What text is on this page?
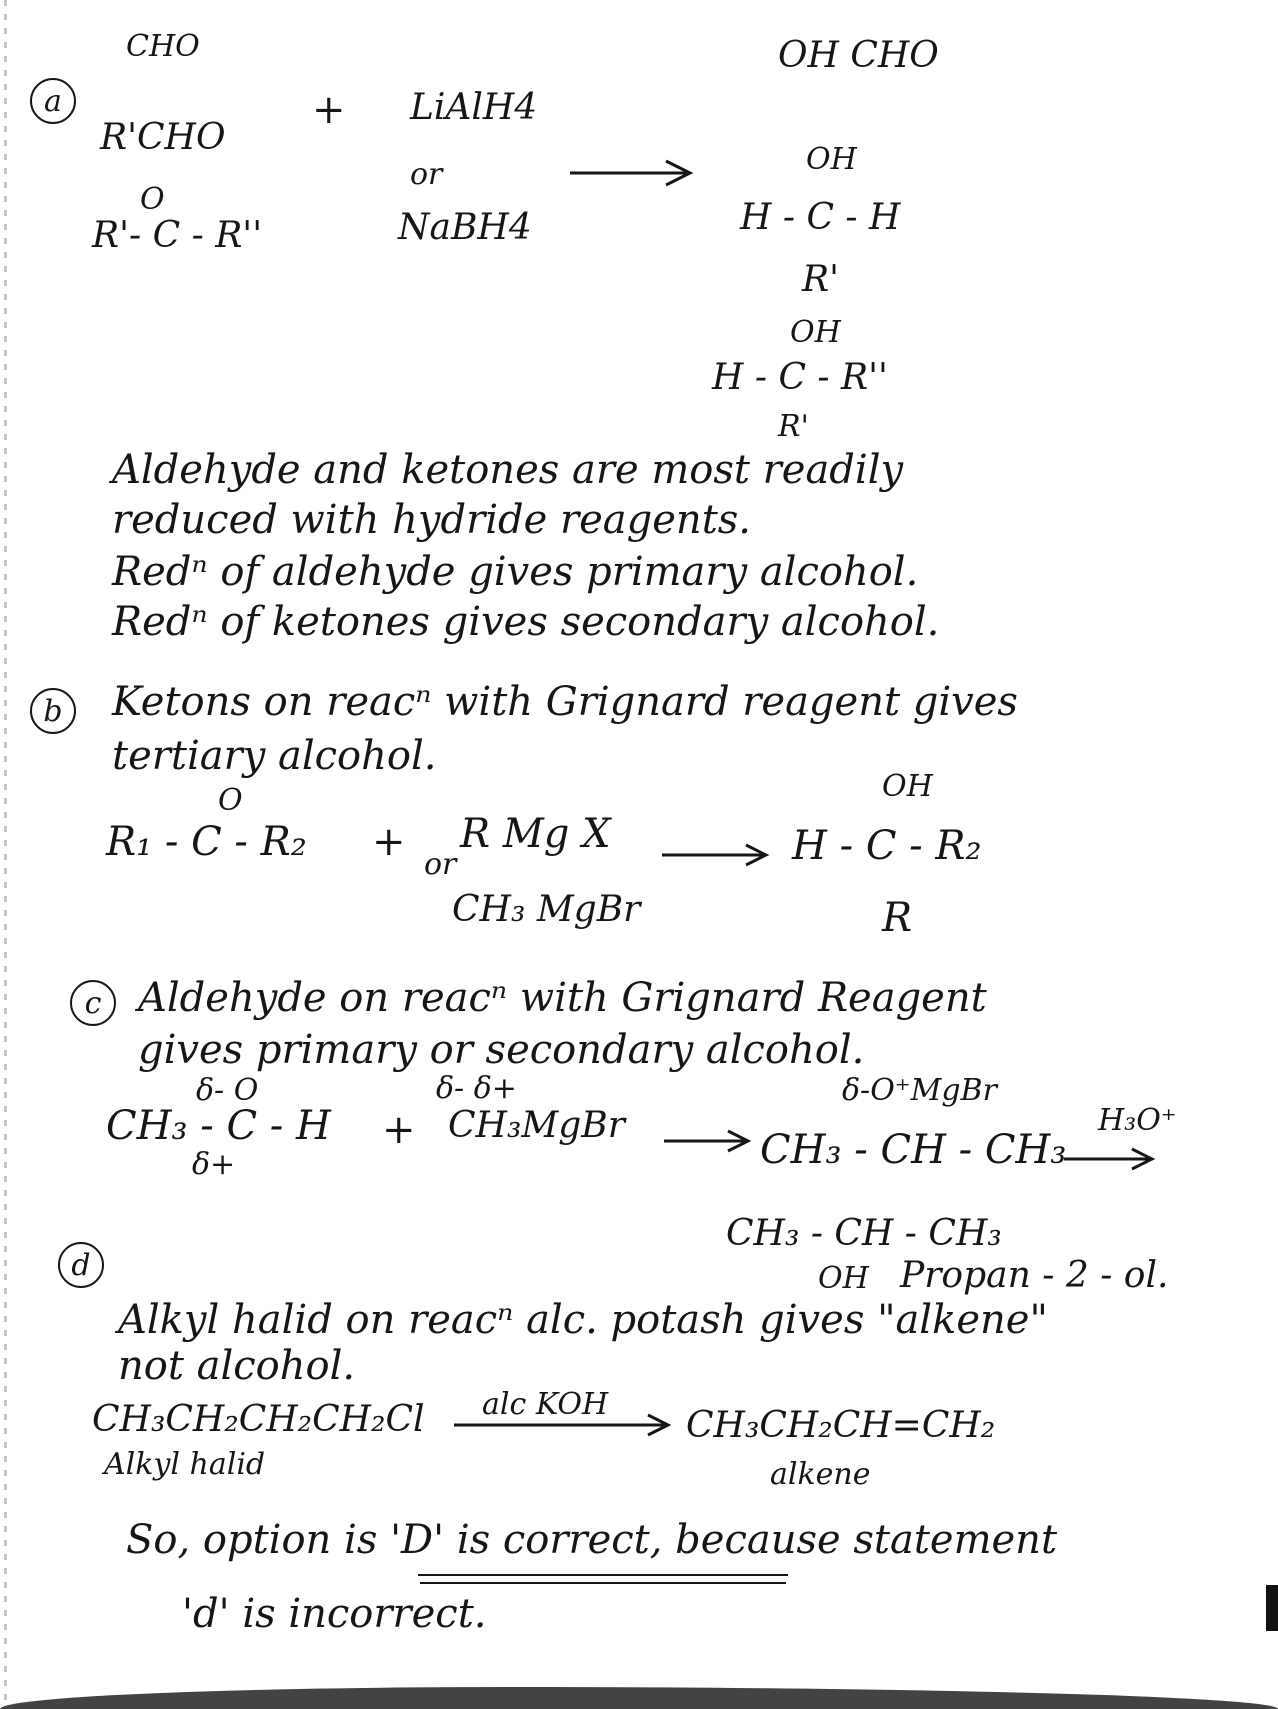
CHO	OH CHO
a
R'CHO
O
R'- C - R''
+ LiAlH4
or
NaBH4
OH
H - C - H
R'
OH
H - C - R''
R'
Aldehyde and ketones are most readily
reduced with hydride reagents.
Redⁿ of aldehyde gives primary alcohol.
Redⁿ of ketones gives secondary alcohol.
b	Ketons on reacⁿ with Grignard reagent gives
tertiary alcohol.
O
R₁ - C - R₂ + R Mg X
or
CH₃ MgBr
OH
H - C - R₂
R
c Aldehyde on reacⁿ with Grignard Reagent
gives primary or secondary alcohol.
δ- O
CH₃ - C - H
δ+
+
δ- δ+
CH₃MgBr
δ-O⁺MgBr
CH₃ - CH - CH₃
H₃O⁺
CH₃ - CH - CH₃
OH Propan - 2 - ol.
d
Alkyl halid on reacⁿ alc. potash gives "alkene"
not alcohol.
CH₃CH₂CH₂CH₂Cl
Alkyl halid
alc KOH
CH₃CH₂CH=CH₂
alkene
So, option is 'D' is correct, because statement
'd' is incorrect.
